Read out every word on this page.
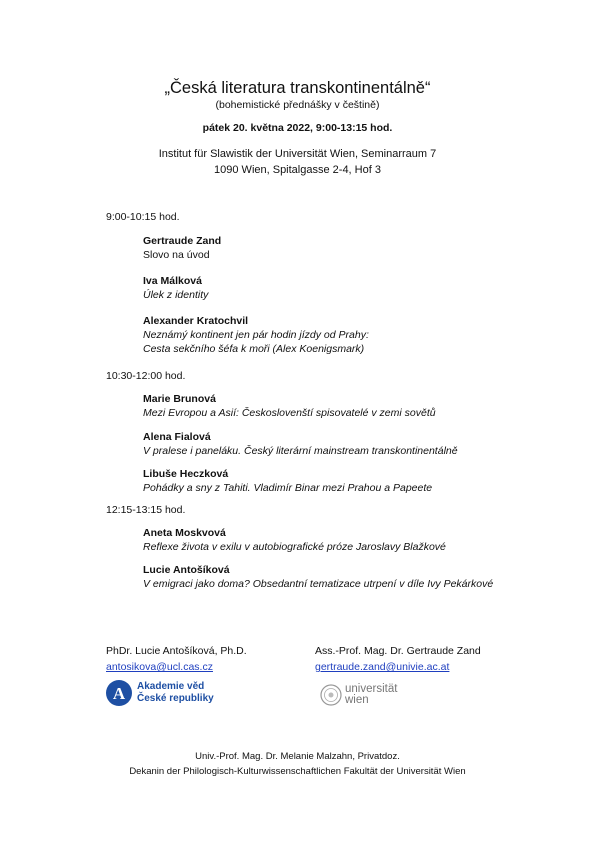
„Česká literatura transkontinentálně“
(bohemistické přednášky v češtině)
pátek 20. května 2022, 9:00-13:15 hod.
Institut für Slawistik der Universität Wien, Seminarraum 7
1090 Wien, Spitalgasse 2-4, Hof 3
9:00-10:15 hod.
Gertraude Zand
Slovo na úvod
Iva Málková
Úlek z identity
Alexander Kratochvil
Neznámý kontinent jen pár hodin jízdy od Prahy:
Cesta sekčního šéfa k moři (Alex Koenigsmark)
10:30-12:00 hod.
Marie Brunová
Mezi Evropou a Asií: Českoslovenští spisovatelé v zemi sovětů
Alena Fialová
V pralese i paneláku. Český literární mainstream transkontinentálně
Libuše Heczková
Pohádky a sny z Tahiti. Vladimír Binar mezi Prahou a Papeete
12:15-13:15 hod.
Aneta Moskvová
Reflexe života v exilu v autobiografické próze Jaroslavy Blažkové
Lucie Antošíková
V emigraci jako doma? Obsedantní tematizace utrpení v díle Ivy Pekárkové
PhDr. Lucie Antošíková, Ph.D.
antosikova@ucl.cas.cz
Ass.-Prof. Mag. Dr. Gertraude Zand
gertraude.zand@univie.ac.at
A Akademie věd
České republiky
universität
wien
Univ.-Prof. Mag. Dr. Melanie Malzahn, Privatdoz.
Dekanin der Philologisch-Kulturwissenschaftlichen Fakultät der Universität Wien
